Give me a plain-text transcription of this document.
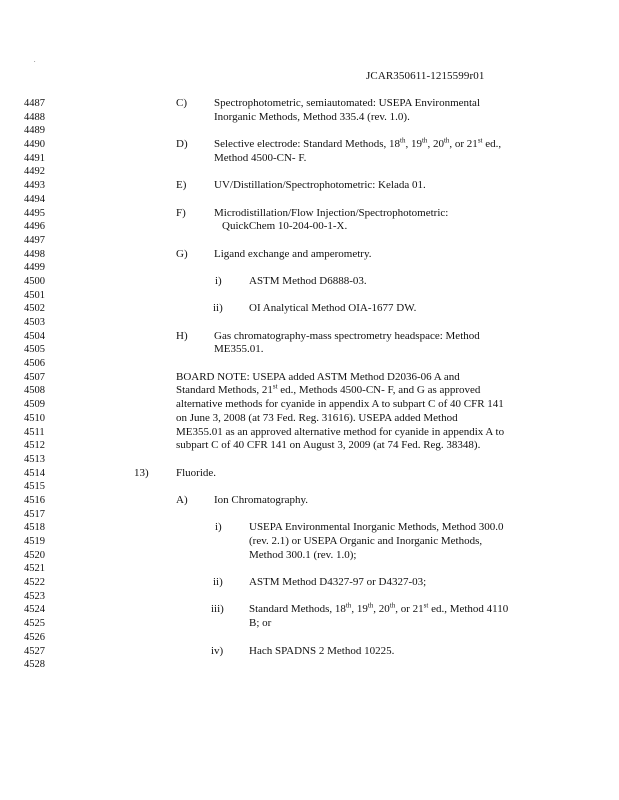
.
JCAR350611-1215599r01
4487
4488
4489
4490
4491
4492
4493
4494
4495
4496
4497
4498
4499
4500
4501
4502
4503
4504
4505
4506
4507
4508
4509
4510
4511
4512
4513
4514
4515
4516
4517
4518
4519
4520
4521
4522
4523
4524
4525
4526
4527
4528
C) Spectrophotometric, semiautomated: USEPA Environmental
Inorganic Methods, Method 335.4 (rev. 1.0).
D) Selective electrode: Standard Methods, 18th, 19th, 20th, or 21st ed.,
Method 4500-CN- F.
E)	UV/Distillation/Spectrophotometric: Kelada 01.
F)	Microdistillation/Flow Injection/Spectrophotometric:
QuickChem 10-204-00-1-X.
G) Ligand exchange and amperometry.
i) ASTM Method D6888-03.
ii) OI Analytical Method OIA-1677 DW.
H) Gas chromatography-mass spectrometry headspace: Method
ME355.01.
BOARD NOTE: USEPA added ASTM Method D2036-06 A and
Standard Methods, 21st ed., Methods 4500-CN- F, and G as approved
alternative methods for cyanide in appendix A to subpart C of 40 CFR 141
on June 3, 2008 (at 73 Fed. Reg. 31616). USEPA added Method
ME355.01 as an approved alternative method for cyanide in appendix A to
subpart C of 40 CFR 141 on August 3, 2009 (at 74 Fed. Reg. 38348).
13) Fluoride.
A) Ion Chromatography.
i) USEPA Environmental Inorganic Methods, Method 300.0
(rev. 2.1) or USEPA Organic and Inorganic Methods,
Method 300.1 (rev. 1.0);
ii) ASTM Method D4327-97 or D4327-03;
iii) Standard Methods, 18th, 19th, 20th, or 21st ed., Method 4110
B; or
iv) Hach SPADNS 2 Method 10225.
